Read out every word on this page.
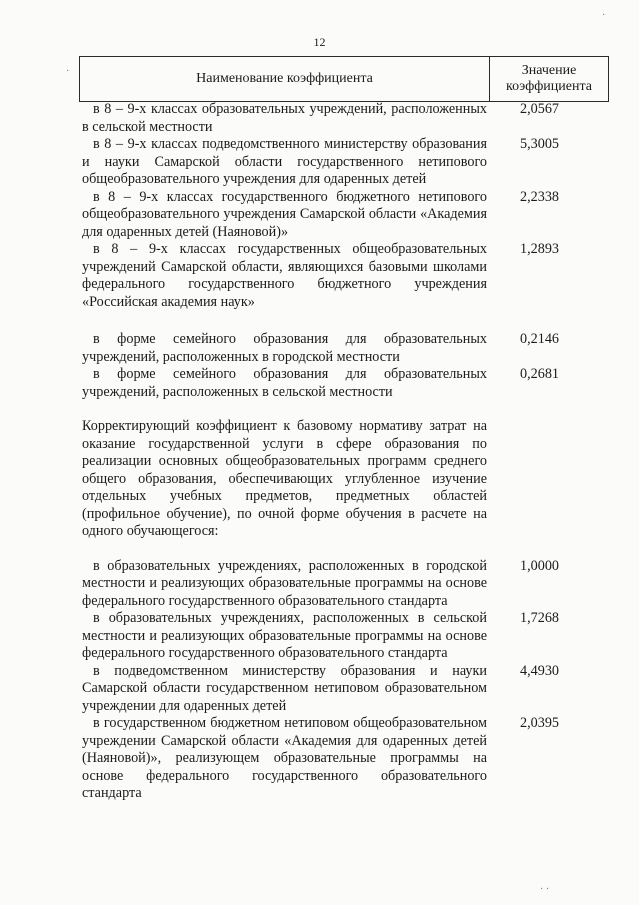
12
Наименование коэффициента
Значение
коэффициента
в 8 – 9-х классах образовательных учреждений, расположенных в сельской местности
2,0567
в 8 – 9-х классах подведомственного министерству образования и науки Самарской области государственного нетипового общеобразовательного учреждения для одаренных детей
5,3005
в 8 – 9-х классах государственного бюджетного нетипового общеобразовательного учреждения Самарской области «Академия для одаренных детей (Наяновой)»
2,2338
в 8 – 9-х классах государственных общеобразовательных учреждений Самарской области, являющихся базовыми школами федерального государственного бюджетного учреждения «Российская академия наук»
1,2893
в форме семейного образования для образовательных учреждений, расположенных в городской местности
0,2146
в форме семейного образования для образовательных учреждений, расположенных в сельской местности
0,2681
Корректирующий коэффициент к базовому нормативу затрат на оказание государственной услуги в сфере образования по реализации основных общеобразовательных программ среднего общего образования, обеспечивающих углубленное изучение отдельных учебных предметов, предметных областей (профильное обучение), по очной форме обучения в расчете на одного обучающегося:
в образовательных учреждениях, расположенных в городской местности и реализующих образовательные программы на основе федерального государственного образовательного стандарта
1,0000
в образовательных учреждениях, расположенных в сельской местности и реализующих образовательные программы на основе федерального государственного образовательного стандарта
1,7268
в подведомственном министерству образования и науки Самарской области государственном нетиповом образовательном учреждении для одаренных детей
4,4930
в государственном бюджетном нетиповом общеобразовательном учреждении Самарской области «Академия для одаренных детей (Наяновой)», реализующем образовательные программы на основе федерального государственного образовательного стандарта
2,0395
·
·
· ·
